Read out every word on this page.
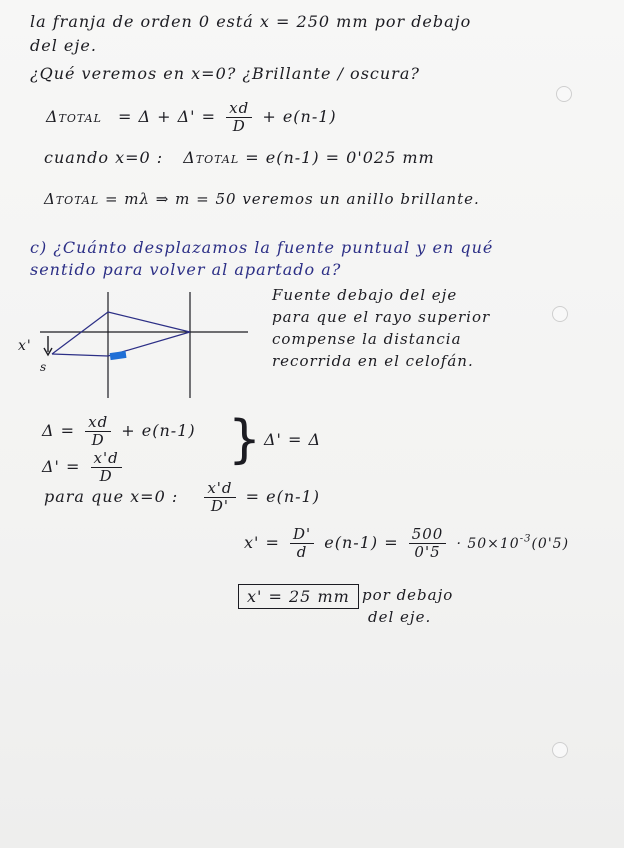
la franja de orden 0 está x = 250 mm por debajo
del eje.
¿Qué veremos en x=0? ¿Brillante / oscura?
ΔTOTAL = $\Delta + \Delta' = \frac{xd}{D} + e(n-1)$
cuando x=0 : ΔTOTAL = e(n-1) = 0'025 mm
ΔTOTAL = mλ ⇒ m = 50 veremos un anillo brillante.
c) ¿Cuánto desplazamos la fuente puntual y en qué
sentido para volver al apartado a?
x'
s
Fuente debajo del eje
para que el rayo superior
compense la distancia
recorrida en el celofán.
$\Delta = \frac{xd}{D} + e(n-1)$
$\Delta' = \frac{x'd}{D}$ } Δ' = Δ
para que x=0 : $\frac{x'd}{D'} = e(n-1)$
$x' = \frac{D'}{d} e(n-1) = \frac{500}{0'5} \cdot 50\times 10^{-3}(0'5)$
x' = 25 mm por debajo
del eje.
